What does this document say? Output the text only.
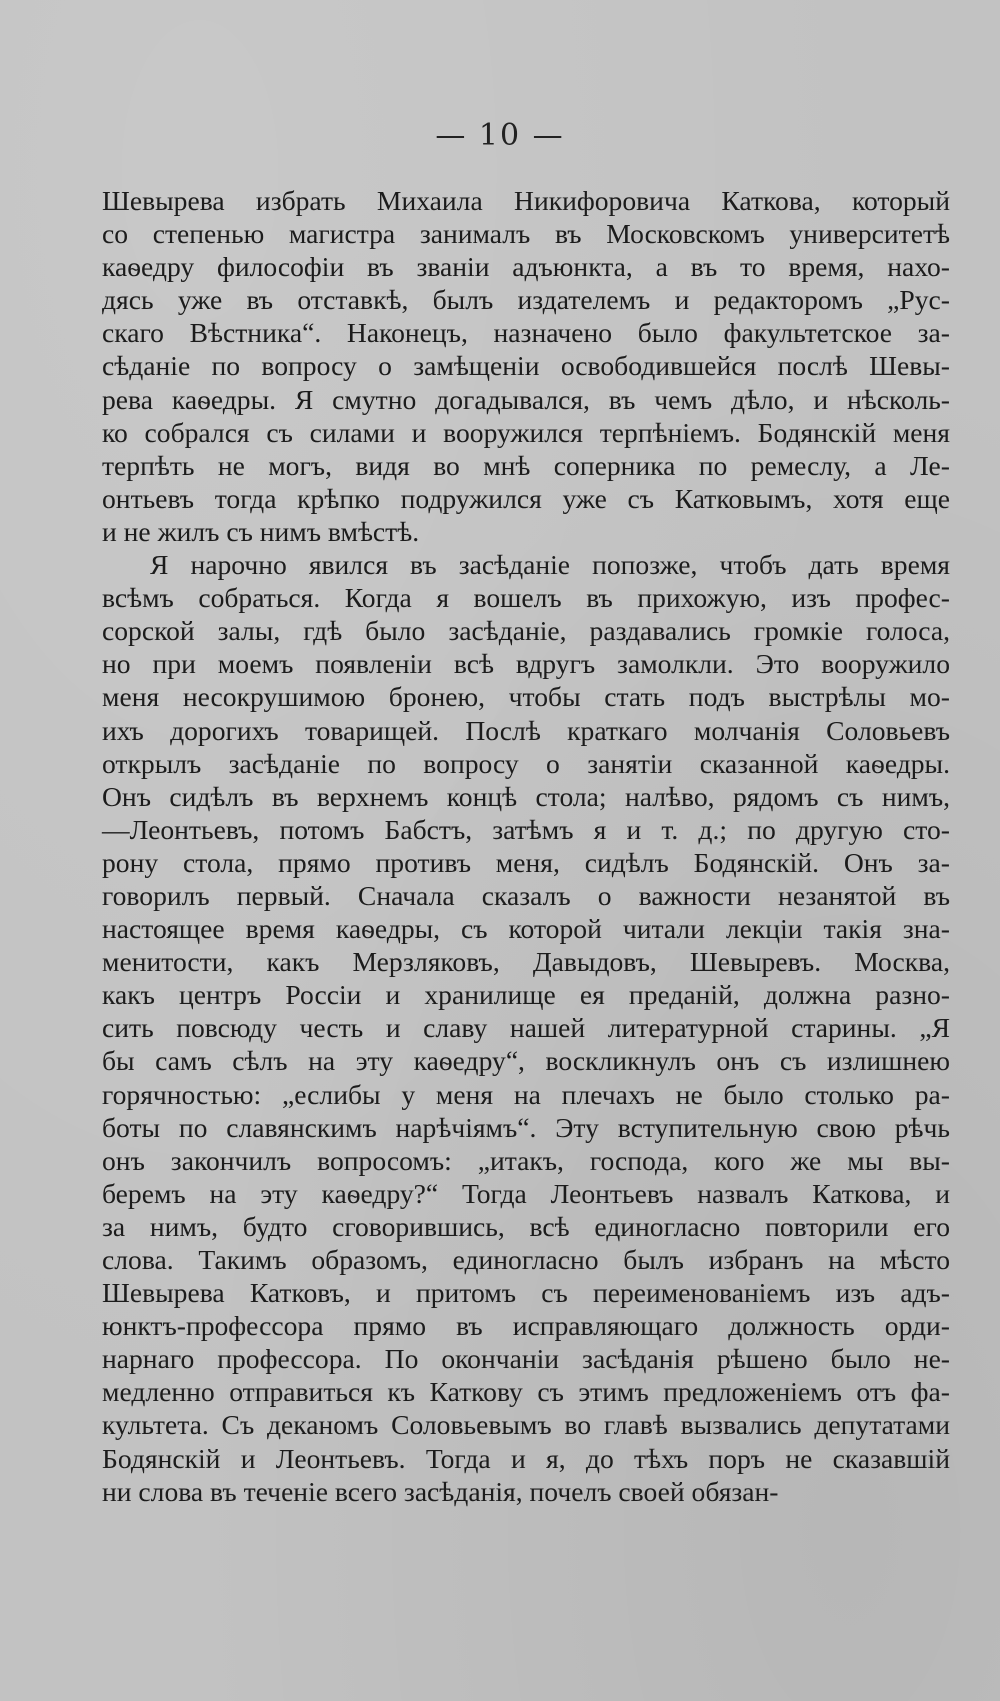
— 10 —
Шевырева избрать Михаила Никифоровича Каткова, который
со степенью магистра занималъ въ Московскомъ университетѣ
каѳедру философіи въ званіи адъюнкта, а въ то время, нахо-
дясь уже въ отставкѣ, былъ издателемъ и редакторомъ „Рус-
скаго Вѣстника“. Наконецъ, назначено было факультетское за-
сѣданіе по вопросу о замѣщеніи освободившейся послѣ Шевы-
рева каѳедры. Я смутно догадывался, въ чемъ дѣло, и нѣсколь-
ко собрался съ силами и вооружился терпѣніемъ. Бодянскій меня
терпѣть не могъ, видя во мнѣ соперника по ремеслу, а Ле-
онтьевъ тогда крѣпко подружился уже съ Катковымъ, хотя еще
и не жилъ съ нимъ вмѣстѣ.
Я нарочно явился въ засѣданіе попозже, чтобъ дать время
всѣмъ собраться. Когда я вошелъ въ прихожую, изъ профес-
сорской залы, гдѣ было засѣданіе, раздавались громкіе голоса,
но при моемъ появленіи всѣ вдругъ замолкли. Это вооружило
меня несокрушимою бронею, чтобы стать подъ выстрѣлы мо-
ихъ дорогихъ товарищей. Послѣ краткаго молчанія Соловьевъ
открылъ засѣданіе по вопросу о занятіи сказанной каѳедры.
Онъ сидѣлъ въ верхнемъ концѣ стола; налѣво, рядомъ съ нимъ,
—Леонтьевъ, потомъ Бабстъ, затѣмъ я и т. д.; по другую сто-
рону стола, прямо противъ меня, сидѣлъ Бодянскій. Онъ за-
говорилъ первый. Сначала сказалъ о важности незанятой въ
настоящее время каѳедры, съ которой читали лекціи такія зна-
менитости, какъ Мерзляковъ, Давыдовъ, Шевыревъ. Москва,
какъ центръ Россіи и хранилище ея преданій, должна разно-
сить повсюду честь и славу нашей литературной старины. „Я
бы самъ сѣлъ на эту каѳедру“, воскликнулъ онъ съ излишнею
горячностью: „еслибы у меня на плечахъ не было столько ра-
боты по славянскимъ нарѣчіямъ“. Эту вступительную свою рѣчь
онъ закончилъ вопросомъ: „итакъ, господа, кого же мы вы-
беремъ на эту каѳедру?“ Тогда Леонтьевъ назвалъ Каткова, и
за нимъ, будто сговорившись, всѣ единогласно повторили его
слова. Такимъ образомъ, единогласно былъ избранъ на мѣсто
Шевырева Катковъ, и притомъ съ переименованіемъ изъ адъ-
юнктъ-профессора прямо въ исправляющаго должность орди-
нарнаго профессора. По окончаніи засѣданія рѣшено было не-
медленно отправиться къ Каткову съ этимъ предложеніемъ отъ фа-
культета. Съ деканомъ Соловьевымъ во главѣ вызвались депутатами
Бодянскій и Леонтьевъ. Тогда и я, до тѣхъ поръ не сказавшій
ни слова въ теченіе всего засѣданія, почелъ своей обязан-
